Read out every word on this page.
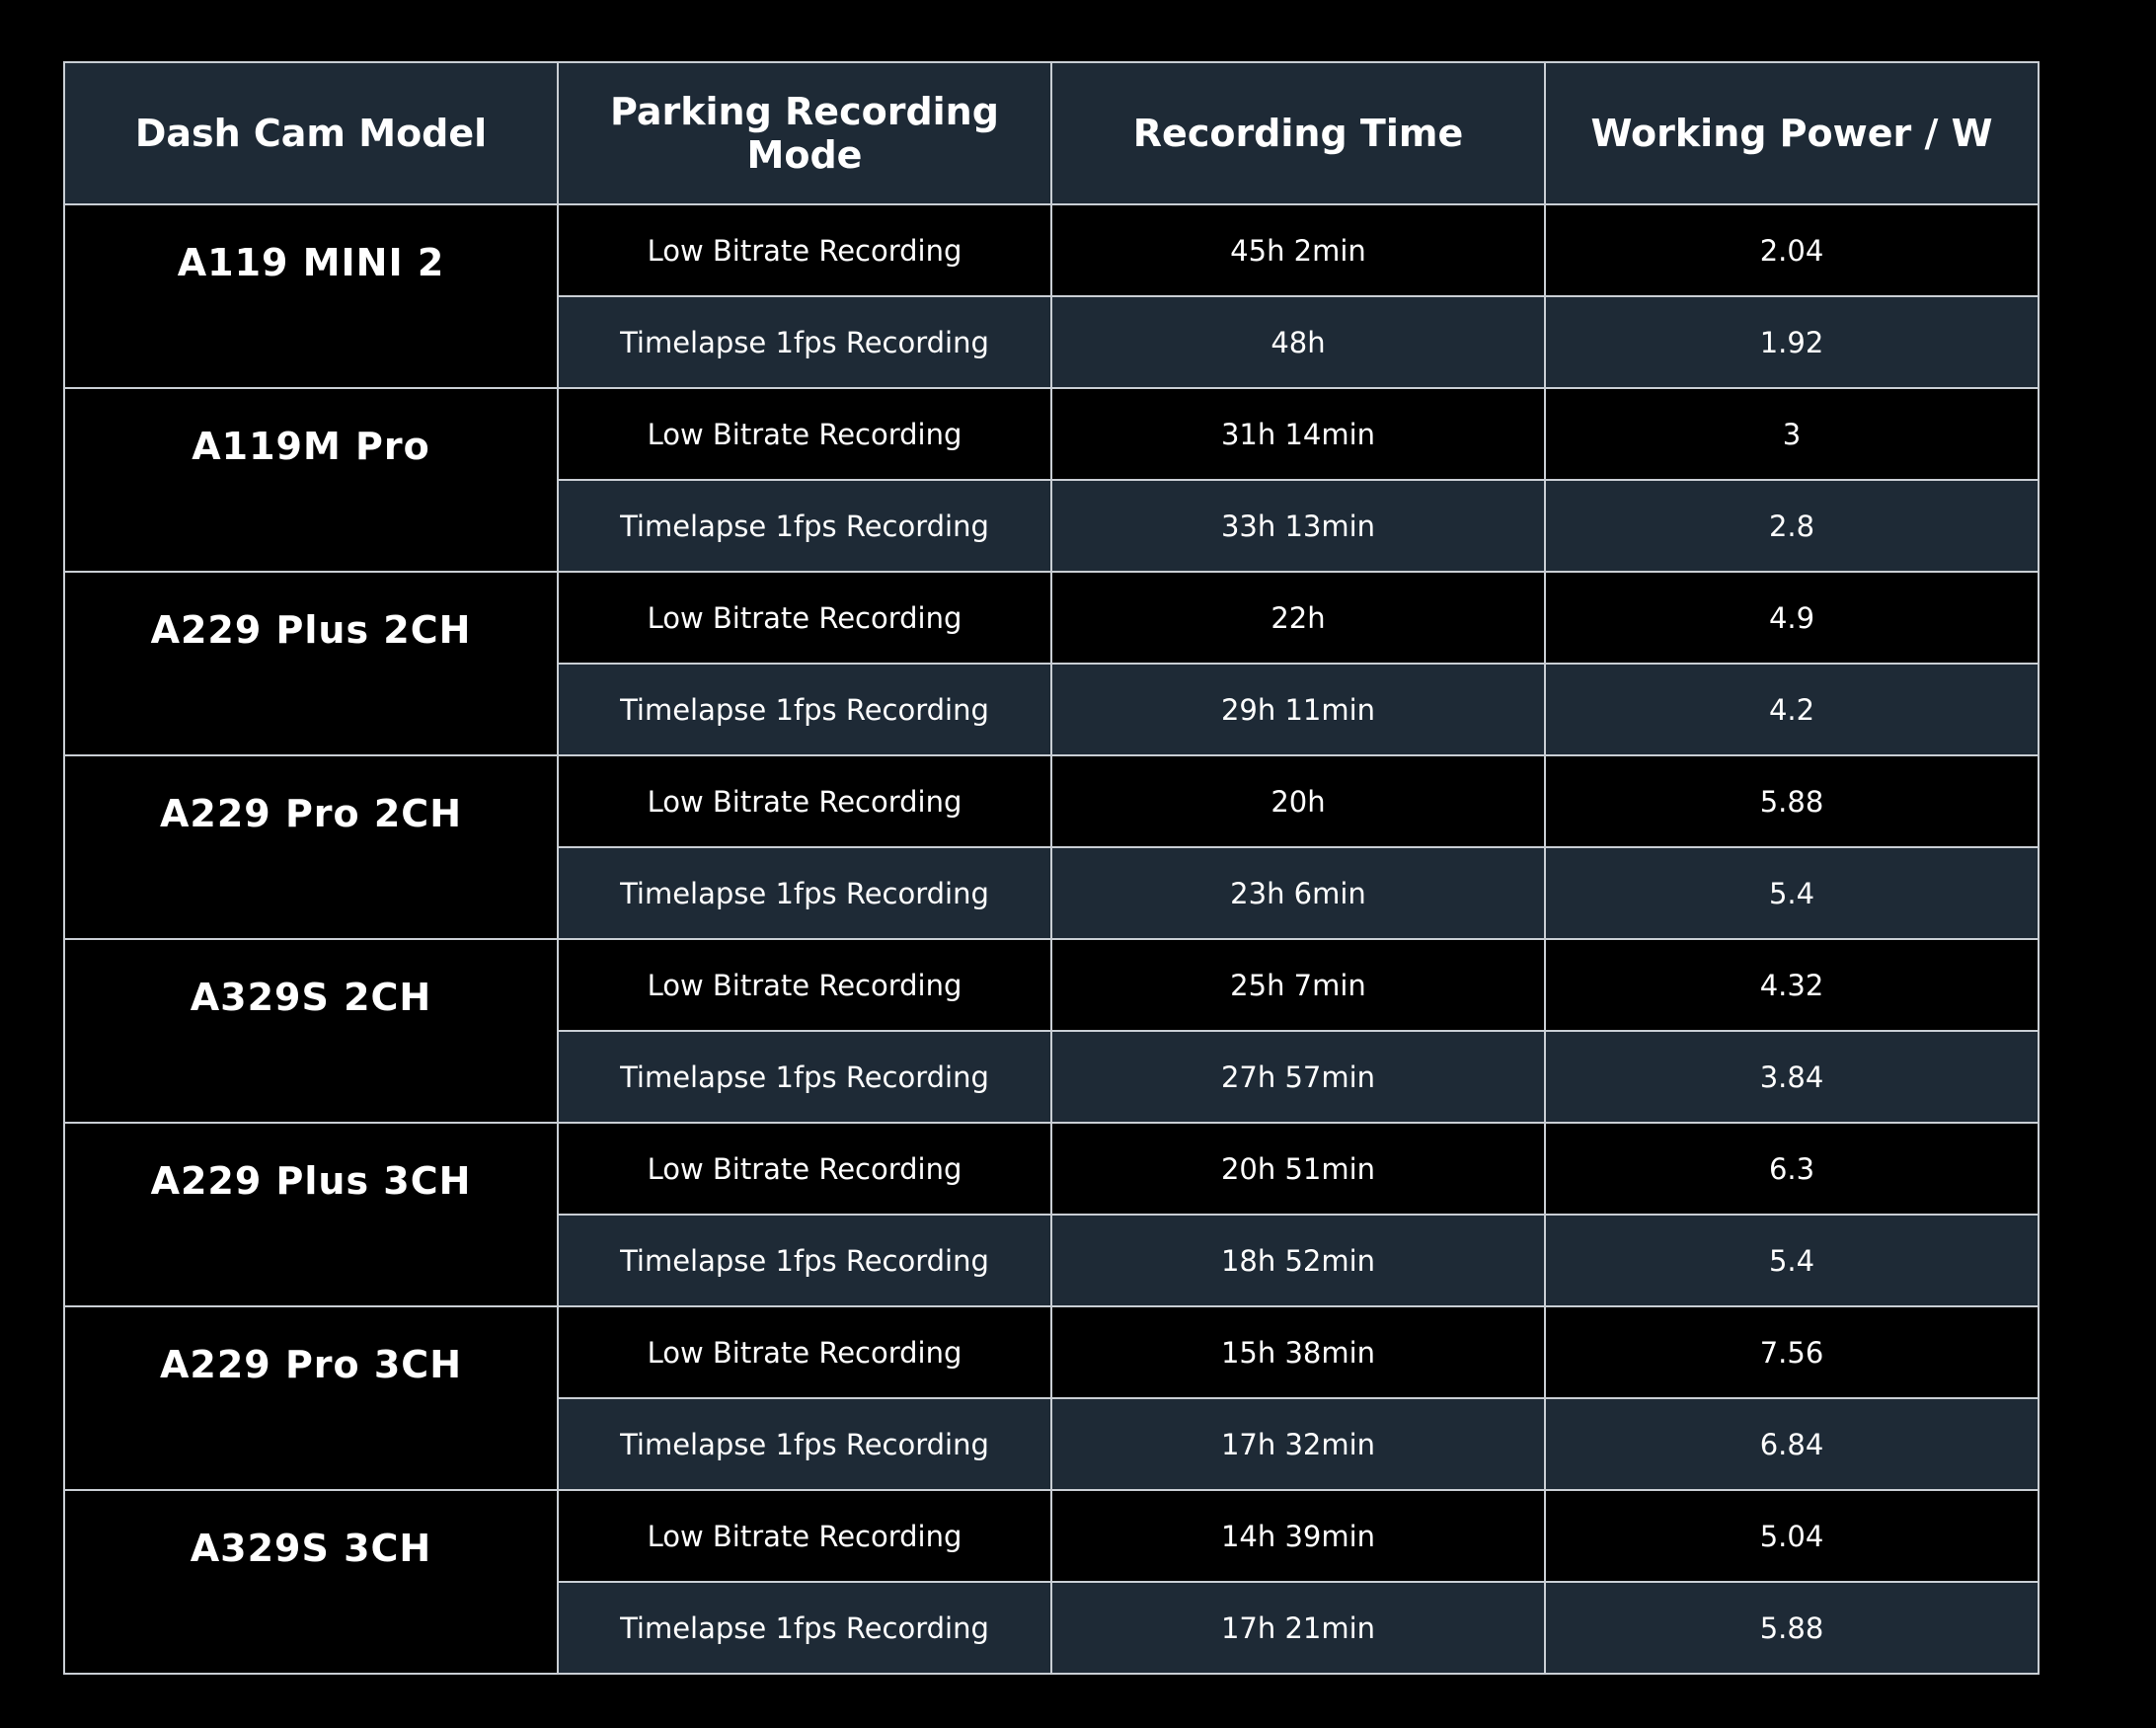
Dash Cam Model	Parking Recording Mode	Recording Time	Working Power / W
A119 MINI 2	Low Bitrate Recording	45h 2min	2.04
	Timelapse 1fps Recording	48h	1.92
A119M Pro	Low Bitrate Recording	31h 14min	3
	Timelapse 1fps Recording	33h 13min	2.8
A229 Plus 2CH	Low Bitrate Recording	22h	4.9
	Timelapse 1fps Recording	29h 11min	4.2
A229 Pro 2CH	Low Bitrate Recording	20h	5.88
	Timelapse 1fps Recording	23h 6min	5.4
A329S 2CH	Low Bitrate Recording	25h 7min	4.32
	Timelapse 1fps Recording	27h 57min	3.84
A229 Plus 3CH	Low Bitrate Recording	20h 51min	6.3
	Timelapse 1fps Recording	18h 52min	5.4
A229 Pro 3CH	Low Bitrate Recording	15h 38min	7.56
	Timelapse 1fps Recording	17h 32min	6.84
A329S 3CH	Low Bitrate Recording	14h 39min	5.04
	Timelapse 1fps Recording	17h 21min	5.88
